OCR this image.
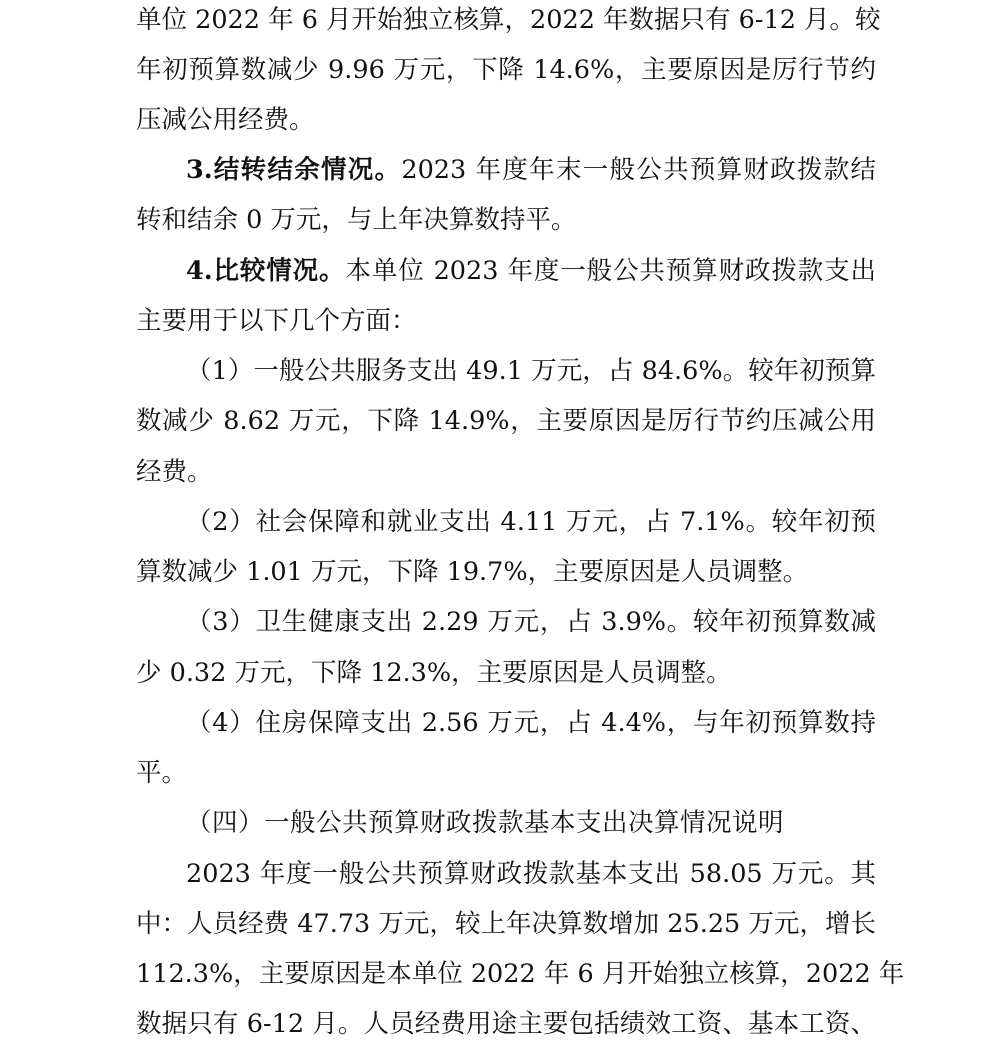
单位 2022 年 6 月开始独立核算，2022 年数据只有 6-12 月。较
年初预算数减少 9.96 万元，下降 14.6%，主要原因是厉行节约
压减公用经费。
3.结转结余情况。2023 年度年末一般公共预算财政拨款结
转和结余 0 万元，与上年决算数持平。
4.比较情况。本单位 2023 年度一般公共预算财政拨款支出
主要用于以下几个方面：
（1）一般公共服务支出 49.1 万元，占 84.6%。较年初预算
数减少 8.62 万元，下降 14.9%，主要原因是厉行节约压减公用
经费。
（2）社会保障和就业支出 4.11 万元，占 7.1%。较年初预
算数减少 1.01 万元，下降 19.7%，主要原因是人员调整。
（3）卫生健康支出 2.29 万元，占 3.9%。较年初预算数减
少 0.32 万元，下降 12.3%，主要原因是人员调整。
（4）住房保障支出 2.56 万元，占 4.4%，与年初预算数持
平。
（四）一般公共预算财政拨款基本支出决算情况说明
2023 年度一般公共预算财政拨款基本支出 58.05 万元。其
中：人员经费 47.73 万元，较上年决算数增加 25.25 万元，增长
112.3%，主要原因是本单位 2022 年 6 月开始独立核算，2022 年
数据只有 6-12 月。人员经费用途主要包括绩效工资、基本工资、
